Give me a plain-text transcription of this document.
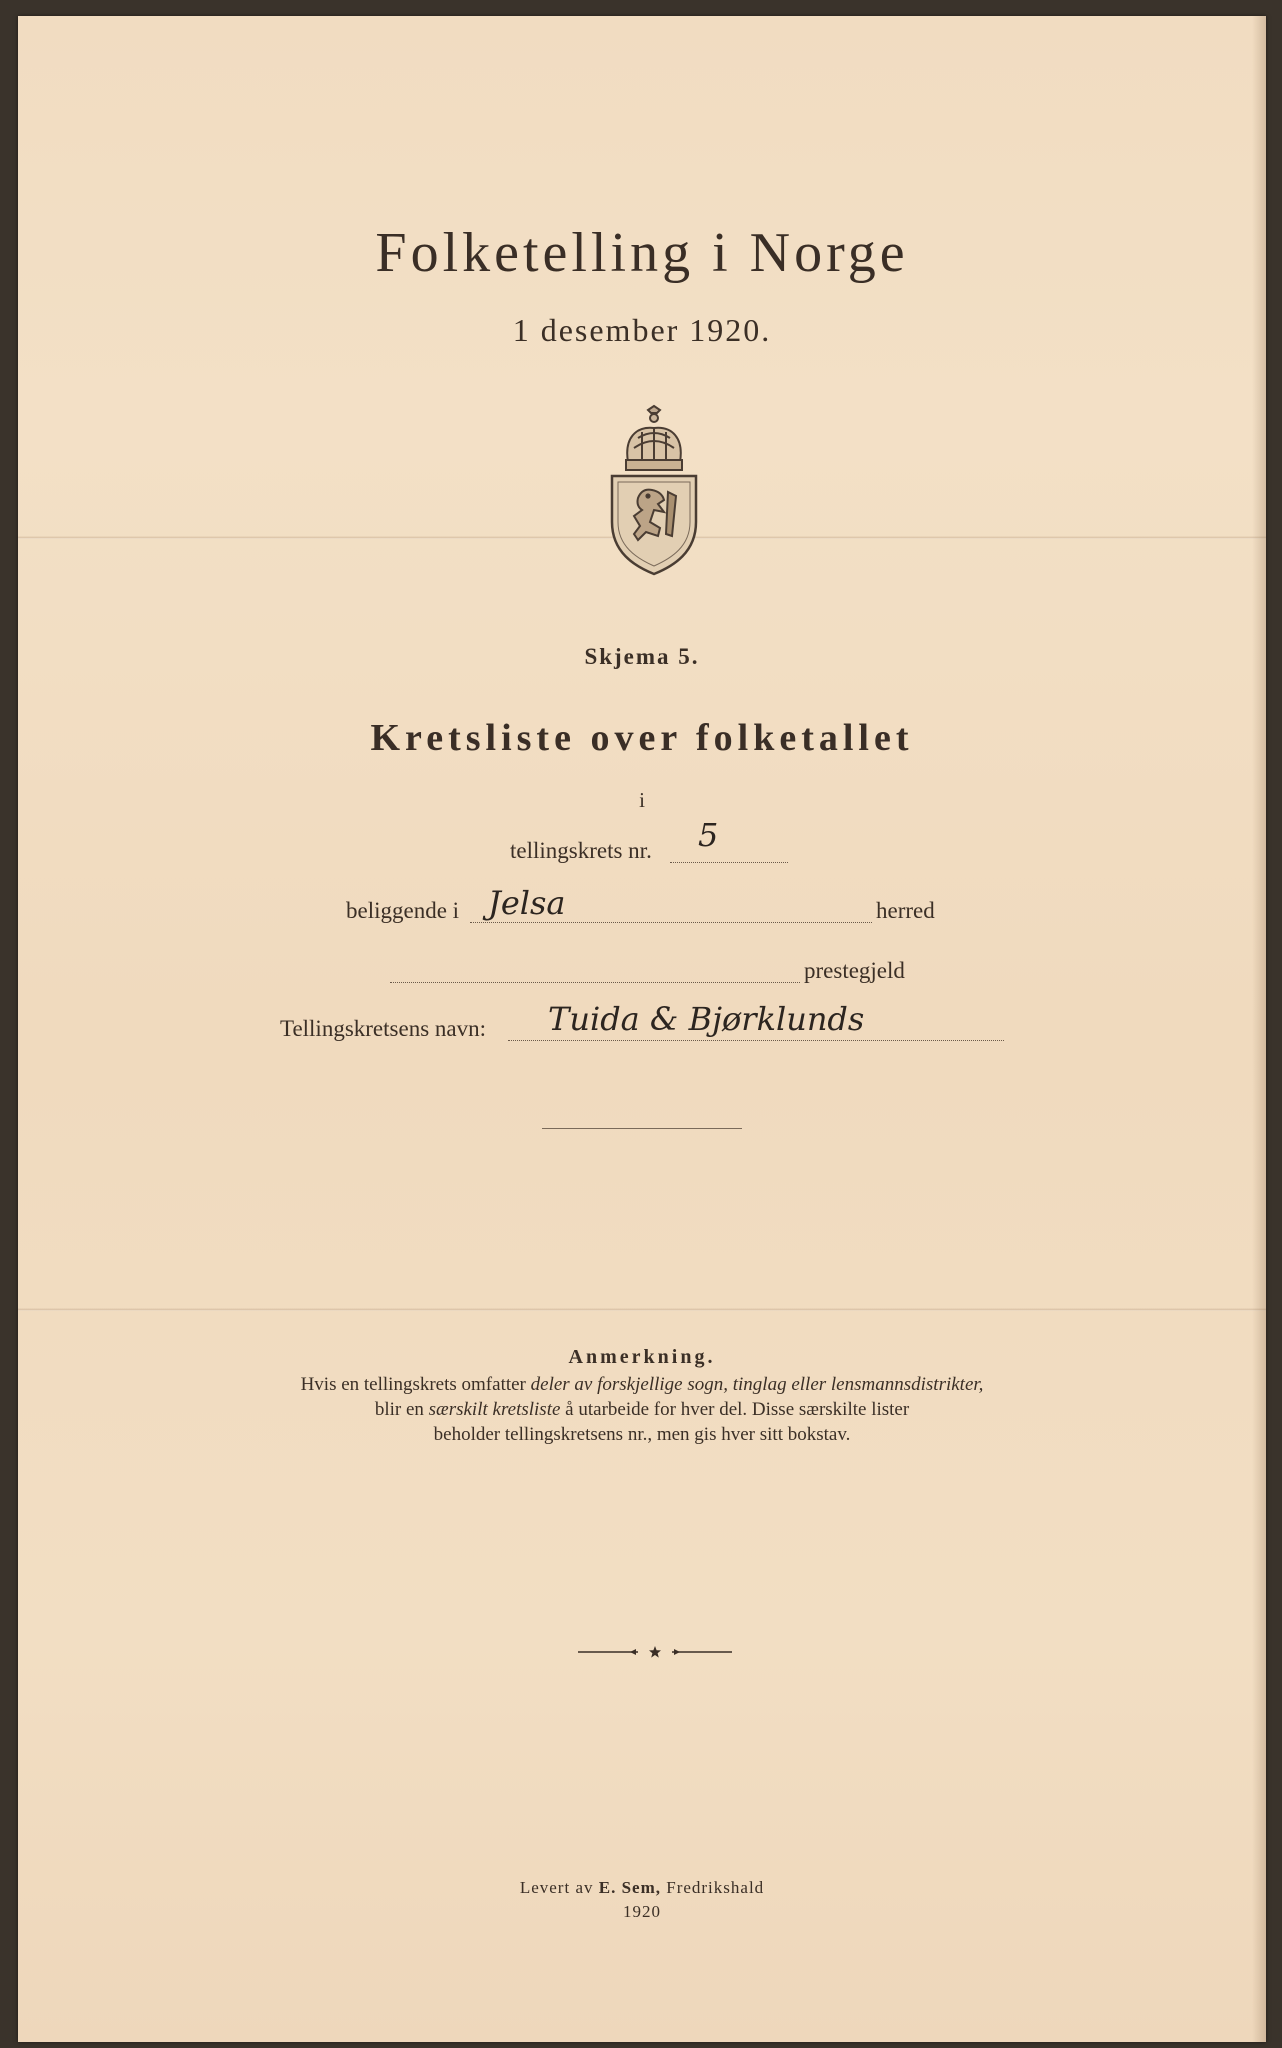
Folketelling i Norge
1 desember 1920.
Skjema 5.
Kretsliste over folketallet
i
tellingskrets nr. 5
beliggende i Jelsa	herred
prestegjeld
Tellingskretsens navn: Tuida & Bjørklunds
Anmerkning.
Hvis en tellingskrets omfatter deler av forskjellige sogn, tinglag eller lensmannsdistrikter,
blir en særskilt kretsliste å utarbeide for hver del. Disse særskilte lister
beholder tellingskretsens nr., men gis hver sitt bokstav.
Levert av E. Sem, Fredrikshald
1920
